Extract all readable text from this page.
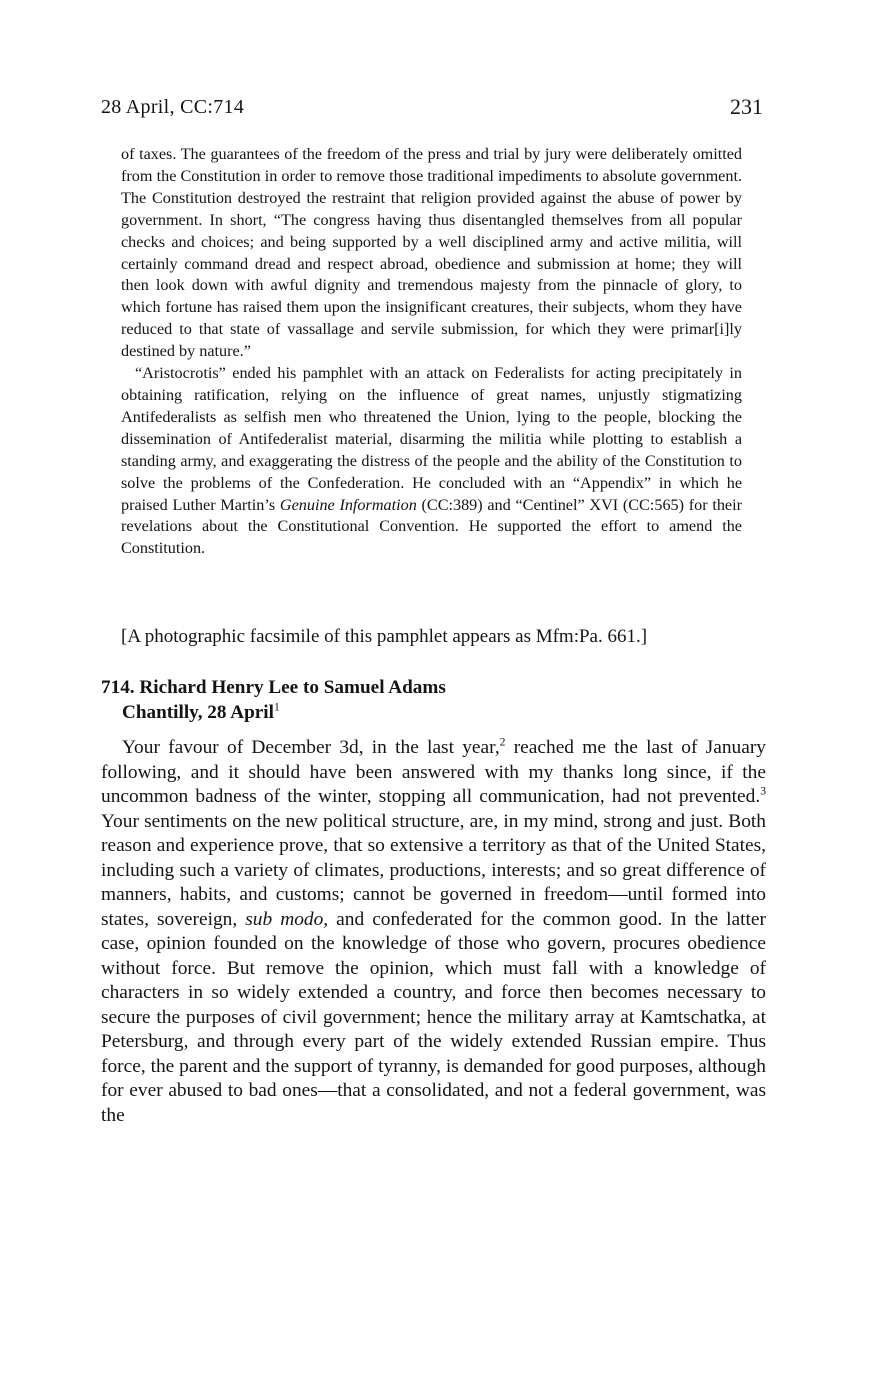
28 April, CC:714	231

of taxes. The guarantees of the freedom of the press and trial by jury were deliberately omitted from the Constitution in order to remove those traditional impediments to absolute government. The Constitution destroyed the restraint that religion provided against the abuse of power by government. In short, “The congress having thus disentangled themselves from all popular checks and choices; and being supported by a well disciplined army and active militia, will certainly command dread and respect abroad, obedience and submission at home; they will then look down with awful dignity and tremendous majesty from the pinnacle of glory, to which fortune has raised them upon the insignificant creatures, their subjects, whom they have reduced to that state of vassallage and servile submission, for which they were primar[i]ly destined by nature.”

“Aristocrotis” ended his pamphlet with an attack on Federalists for acting precipitately in obtaining ratification, relying on the influence of great names, unjustly stigmatizing Antifederalists as selfish men who threatened the Union, lying to the people, blocking the dissemination of Antifederalist material, disarming the militia while plotting to establish a standing army, and exaggerating the distress of the people and the ability of the Constitution to solve the problems of the Confederation. He concluded with an “Appendix” in which he praised Luther Martin’s Genuine Information (CC:389) and “Centinel” XVI (CC:565) for their revelations about the Constitutional Convention. He supported the effort to amend the Constitution.

[A photographic facsimile of this pamphlet appears as Mfm:Pa. 661.]
714. Richard Henry Lee to Samuel Adams
Chantilly, 28 April$^1$

Your favour of December 3d, in the last year,$^2$ reached me the last of January following, and it should have been answered with my thanks long since, if the uncommon badness of the winter, stopping all communication, had not prevented.$^3$ Your sentiments on the new political structure, are, in my mind, strong and just. Both reason and experience prove, that so extensive a territory as that of the United States, including such a variety of climates, productions, interests; and so great difference of manners, habits, and customs; cannot be governed in freedom—until formed into states, sovereign, sub modo, and confederated for the common good. In the latter case, opinion founded on the knowledge of those who govern, procures obedience without force. But remove the opinion, which must fall with a knowledge of characters in so widely extended a country, and force then becomes necessary to secure the purposes of civil government; hence the military array at Kamtschatka, at Petersburg, and through every part of the widely extended Russian empire. Thus force, the parent and the support of tyranny, is demanded for good purposes, although for ever abused to bad ones—that a consolidated, and not a federal government, was the
